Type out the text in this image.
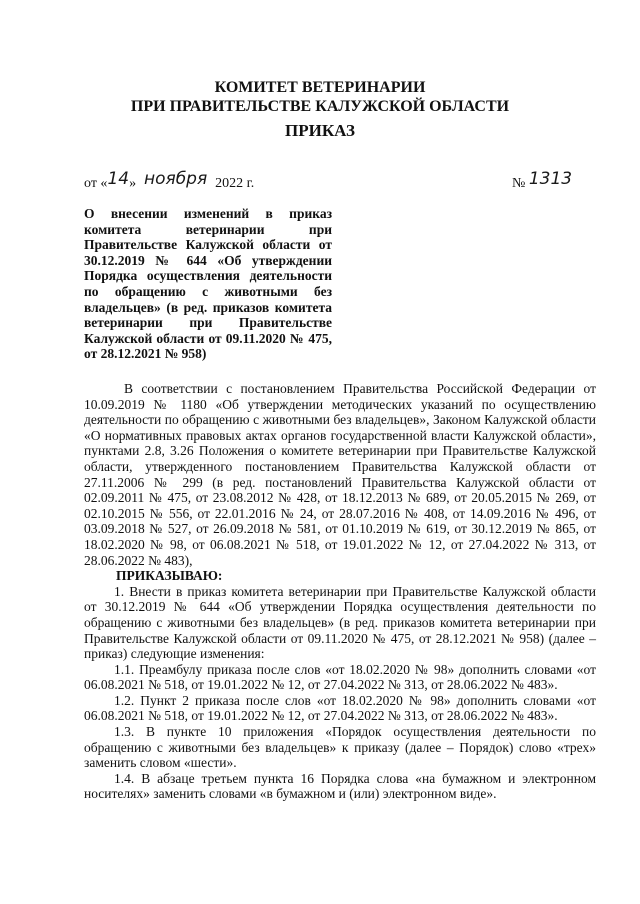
КОМИТЕТ ВЕТЕРИНАРИИ
ПРИ ПРАВИТЕЛЬСТВЕ КАЛУЖСКОЙ ОБЛАСТИ
ПРИКАЗ
от «14» ноября 2022 г.	№ 1313

О внесении изменений в приказ комитета ветеринарии при Правительстве Калужской области от 30.12.2019 № 644 «Об утверждении Порядка осуществления деятельности по обращению с животными без владельцев» (в ред. приказов комитета ветеринарии при Правительстве Калужской области от 09.11.2020 № 475, от 28.12.2021 № 958)

В соответствии с постановлением Правительства Российской Федерации от 10.09.2019 № 1180 «Об утверждении методических указаний по осуществлению деятельности по обращению с животными без владельцев», Законом Калужской области «О нормативных правовых актах органов государственной власти Калужской области», пунктами 2.8, 3.26 Положения о комитете ветеринарии при Правительстве Калужской области, утвержденного постановлением Правительства Калужской области от 27.11.2006 № 299 (в ред. постановлений Правительства Калужской области от 02.09.2011 № 475, от 23.08.2012 № 428, от 18.12.2013 № 689, от 20.05.2015 № 269, от 02.10.2015 № 556, от 22.01.2016 № 24, от 28.07.2016 № 408, от 14.09.2016 № 496, от 03.09.2018 № 527, от 26.09.2018 № 581, от 01.10.2019 № 619, от 30.12.2019 № 865, от 18.02.2020 № 98, от 06.08.2021 № 518, от 19.01.2022 № 12, от 27.04.2022 № 313, от 28.06.2022 № 483),

ПРИКАЗЫВАЮ:

1. Внести в приказ комитета ветеринарии при Правительстве Калужской области от 30.12.2019 № 644 «Об утверждении Порядка осуществления деятельности по обращению с животными без владельцев» (в ред. приказов комитета ветеринарии при Правительстве Калужской области от 09.11.2020 № 475, от 28.12.2021 № 958) (далее – приказ) следующие изменения:

1.1. Преамбулу приказа после слов «от 18.02.2020 № 98» дополнить словами «от 06.08.2021 № 518, от 19.01.2022 № 12, от 27.04.2022 № 313, от 28.06.2022 № 483».

1.2. Пункт 2 приказа после слов «от 18.02.2020 № 98» дополнить словами «от 06.08.2021 № 518, от 19.01.2022 № 12, от 27.04.2022 № 313, от 28.06.2022 № 483».

1.3. В пункте 10 приложения «Порядок осуществления деятельности по обращению с животными без владельцев» к приказу (далее – Порядок) слово «трех» заменить словом «шести».

1.4. В абзаце третьем пункта 16 Порядка слова «на бумажном и электронном носителях» заменить словами «в бумажном и (или) электронном виде».
